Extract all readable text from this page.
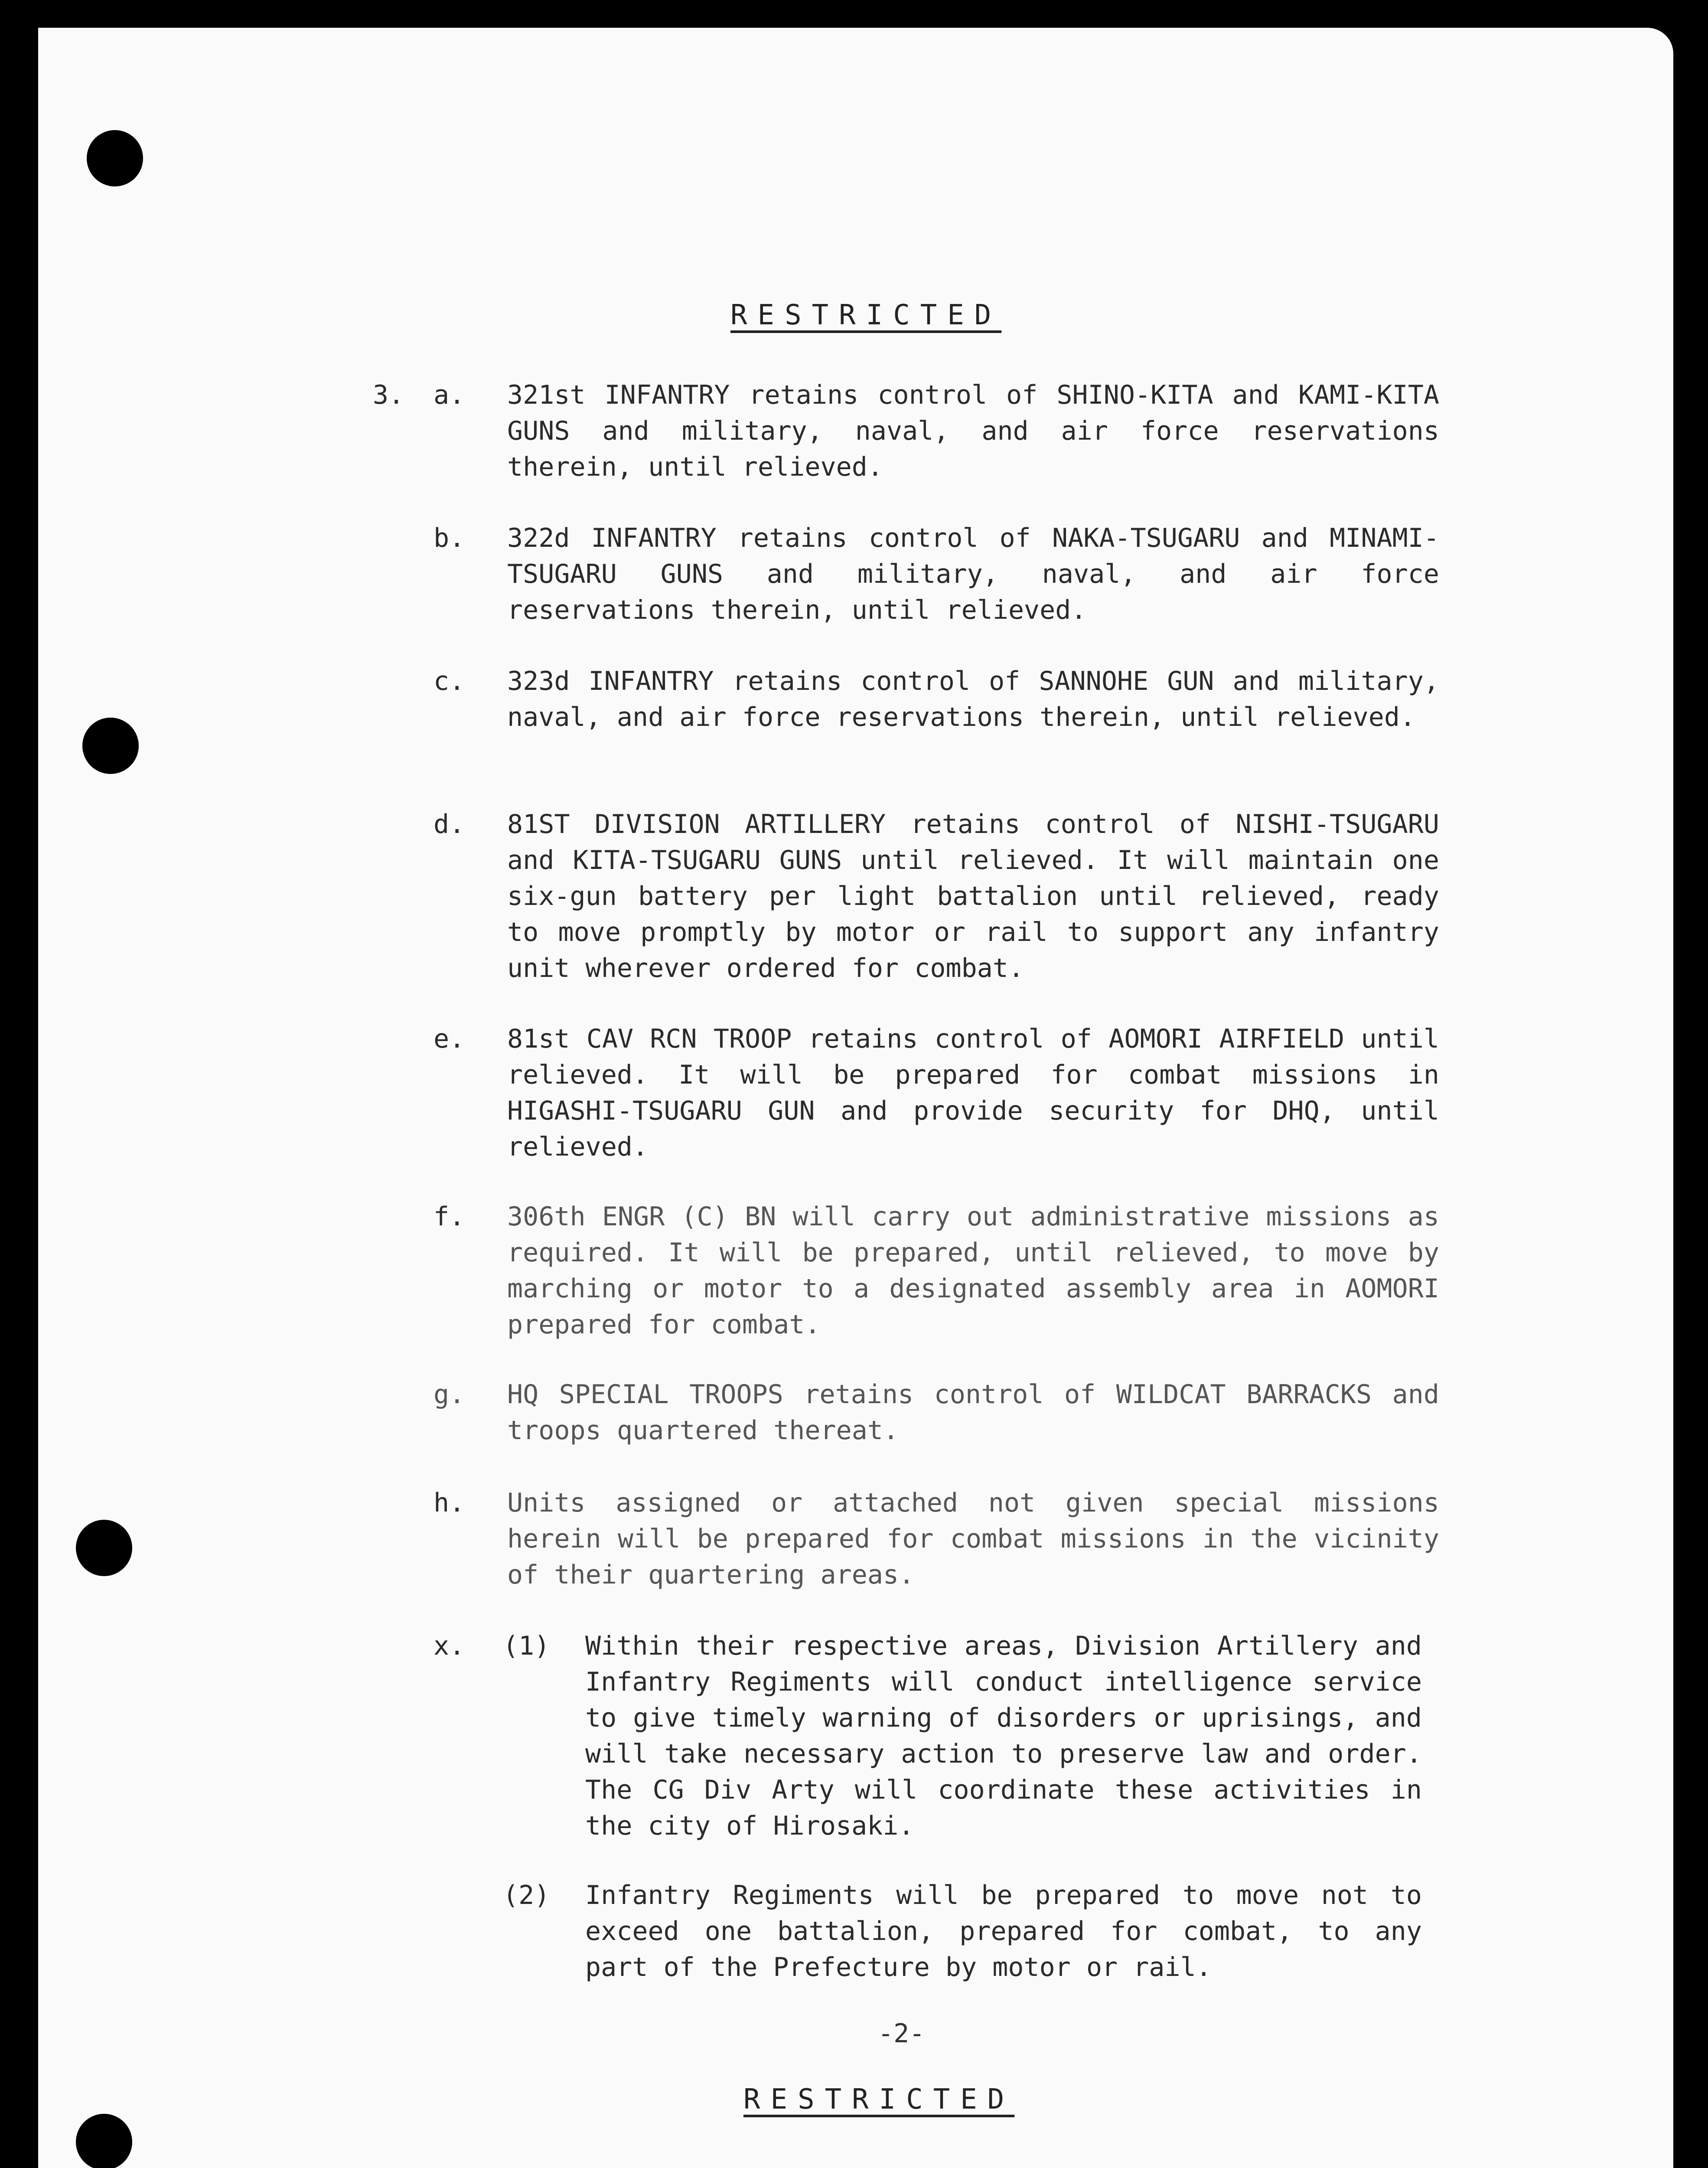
RESTRICTED
3. a. 321st INFANTRY retains control of SHINO-KITA and KAMI-KITA GUNS and military, naval, and air force reservations therein, until relieved.
b. 322d INFANTRY retains control of NAKA-TSUGARU and MINAMI-TSUGARU GUNS and military, naval, and air force reservations therein, until relieved.
c. 323d INFANTRY retains control of SANNOHE GUN and military, naval, and air force reservations therein, until relieved.
d. 81ST DIVISION ARTILLERY retains control of NISHI-TSUGARU and KITA-TSUGARU GUNS until relieved. It will maintain one six-gun battery per light battalion until relieved, ready to move promptly by motor or rail to support any infantry unit wherever ordered for combat.
e. 81st CAV RCN TROOP retains control of AOMORI AIRFIELD until relieved. It will be prepared for combat missions in HIGASHI-TSUGARU GUN and provide security for DHQ, until relieved.
f. 306th ENGR (C) BN will carry out administrative missions as required. It will be prepared, until relieved, to move by marching or motor to a designated assembly area in AOMORI prepared for combat.
g. HQ SPECIAL TROOPS retains control of WILDCAT BARRACKS and troops quartered thereat.
h. Units assigned or attached not given special missions herein will be prepared for combat missions in the vicinity of their quartering areas.
x. (1) Within their respective areas, Division Artillery and Infantry Regiments will conduct intelligence service to give timely warning of disorders or uprisings, and will take necessary action to preserve law and order. The CG Div Arty will coordinate these activities in the city of Hirosaki.
(2) Infantry Regiments will be prepared to move not to exceed one battalion, prepared for combat, to any part of the Prefecture by motor or rail.
-2-
RESTRICTED
